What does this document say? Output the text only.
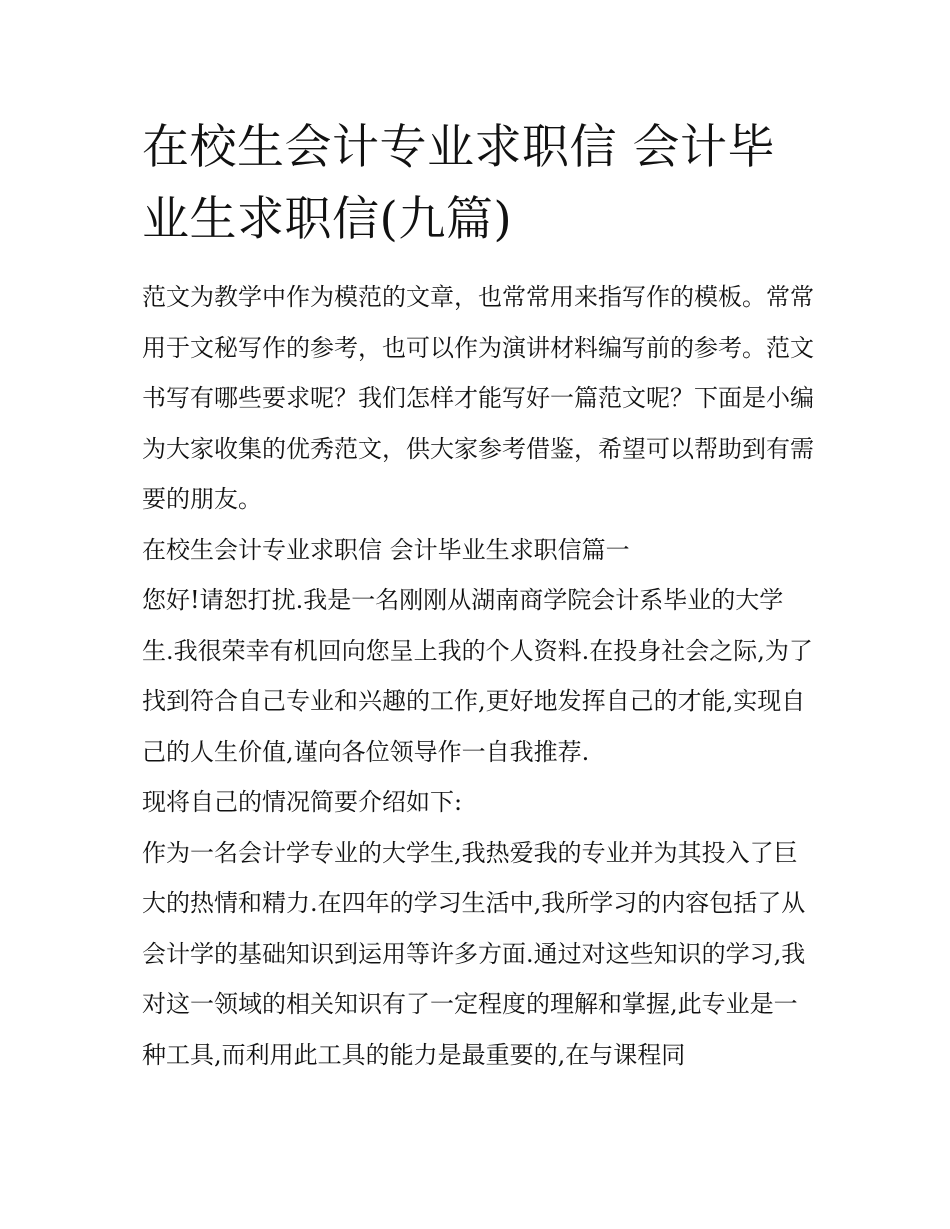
在校生会计专业求职信 会计毕业生求职信(九篇)

范文为教学中作为模范的文章，也常常用来指写作的模板。常常用于文秘写作的参考，也可以作为演讲材料编写前的参考。范文书写有哪些要求呢？我们怎样才能写好一篇范文呢？下面是小编为大家收集的优秀范文，供大家参考借鉴，希望可以帮助到有需要的朋友。

在校生会计专业求职信 会计毕业生求职信篇一

您好!请恕打扰.我是一名刚刚从湖南商学院会计系毕业的大学生.我很荣幸有机回向您呈上我的个人资料.在投身社会之际,为了找到符合自己专业和兴趣的工作,更好地发挥自己的才能,实现自己的人生价值,谨向各位领导作一自我推荐.

现将自己的情况简要介绍如下:

作为一名会计学专业的大学生,我热爱我的专业并为其投入了巨大的热情和精力.在四年的学习生活中,我所学习的内容包括了从会计学的基础知识到运用等许多方面.通过对这些知识的学习,我对这一领域的相关知识有了一定程度的理解和掌握,此专业是一种工具,而利用此工具的能力是最重要的,在与课程同
